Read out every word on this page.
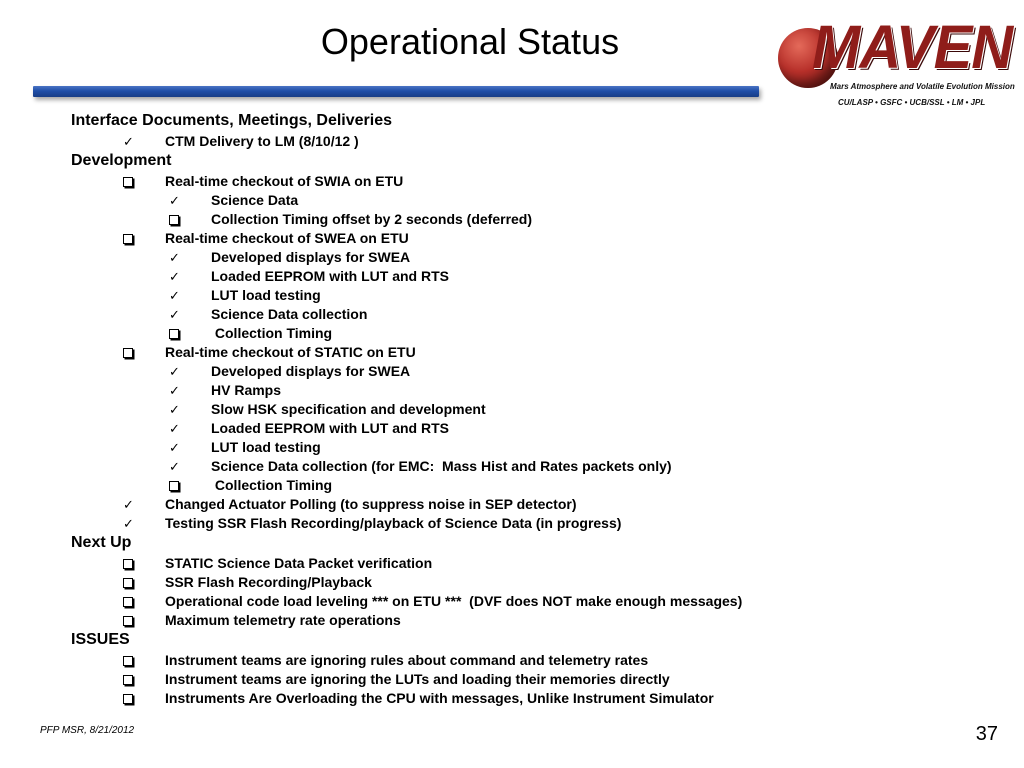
Operational Status	MAVEN
Mars Atmosphere and Volatile Evolution Mission
CU/LASP • GSFC • UCB/SSL • LM • JPL
Interface Documents, Meetings, Deliveries
✓ CTM Delivery to LM (8/10/12 )
Development
Real-time checkout of SWIA on ETU
✓ Science Data
Collection Timing offset by 2 seconds (deferred)
Real-time checkout of SWEA on ETU
✓ Developed displays for SWEA
✓ Loaded EEPROM with LUT and RTS
✓ LUT load testing
✓ Science Data collection
Collection Timing
Real-time checkout of STATIC on ETU
✓ Developed displays for SWEA
✓ HV Ramps
✓ Slow HSK specification and development
✓ Loaded EEPROM with LUT and RTS
✓ LUT load testing
✓ Science Data collection (for EMC:  Mass Hist and Rates packets only)
Collection Timing
✓ Changed Actuator Polling (to suppress noise in SEP detector)
✓ Testing SSR Flash Recording/playback of Science Data (in progress)
Next Up
STATIC Science Data Packet verification
SSR Flash Recording/Playback
Operational code load leveling *** on ETU ***  (DVF does NOT make enough messages)
Maximum telemetry rate operations
ISSUES
Instrument teams are ignoring rules about command and telemetry rates
Instrument teams are ignoring the LUTs and loading their memories directly
Instruments Are Overloading the CPU with messages, Unlike Instrument Simulator
PFP MSR, 8/21/2012	37
